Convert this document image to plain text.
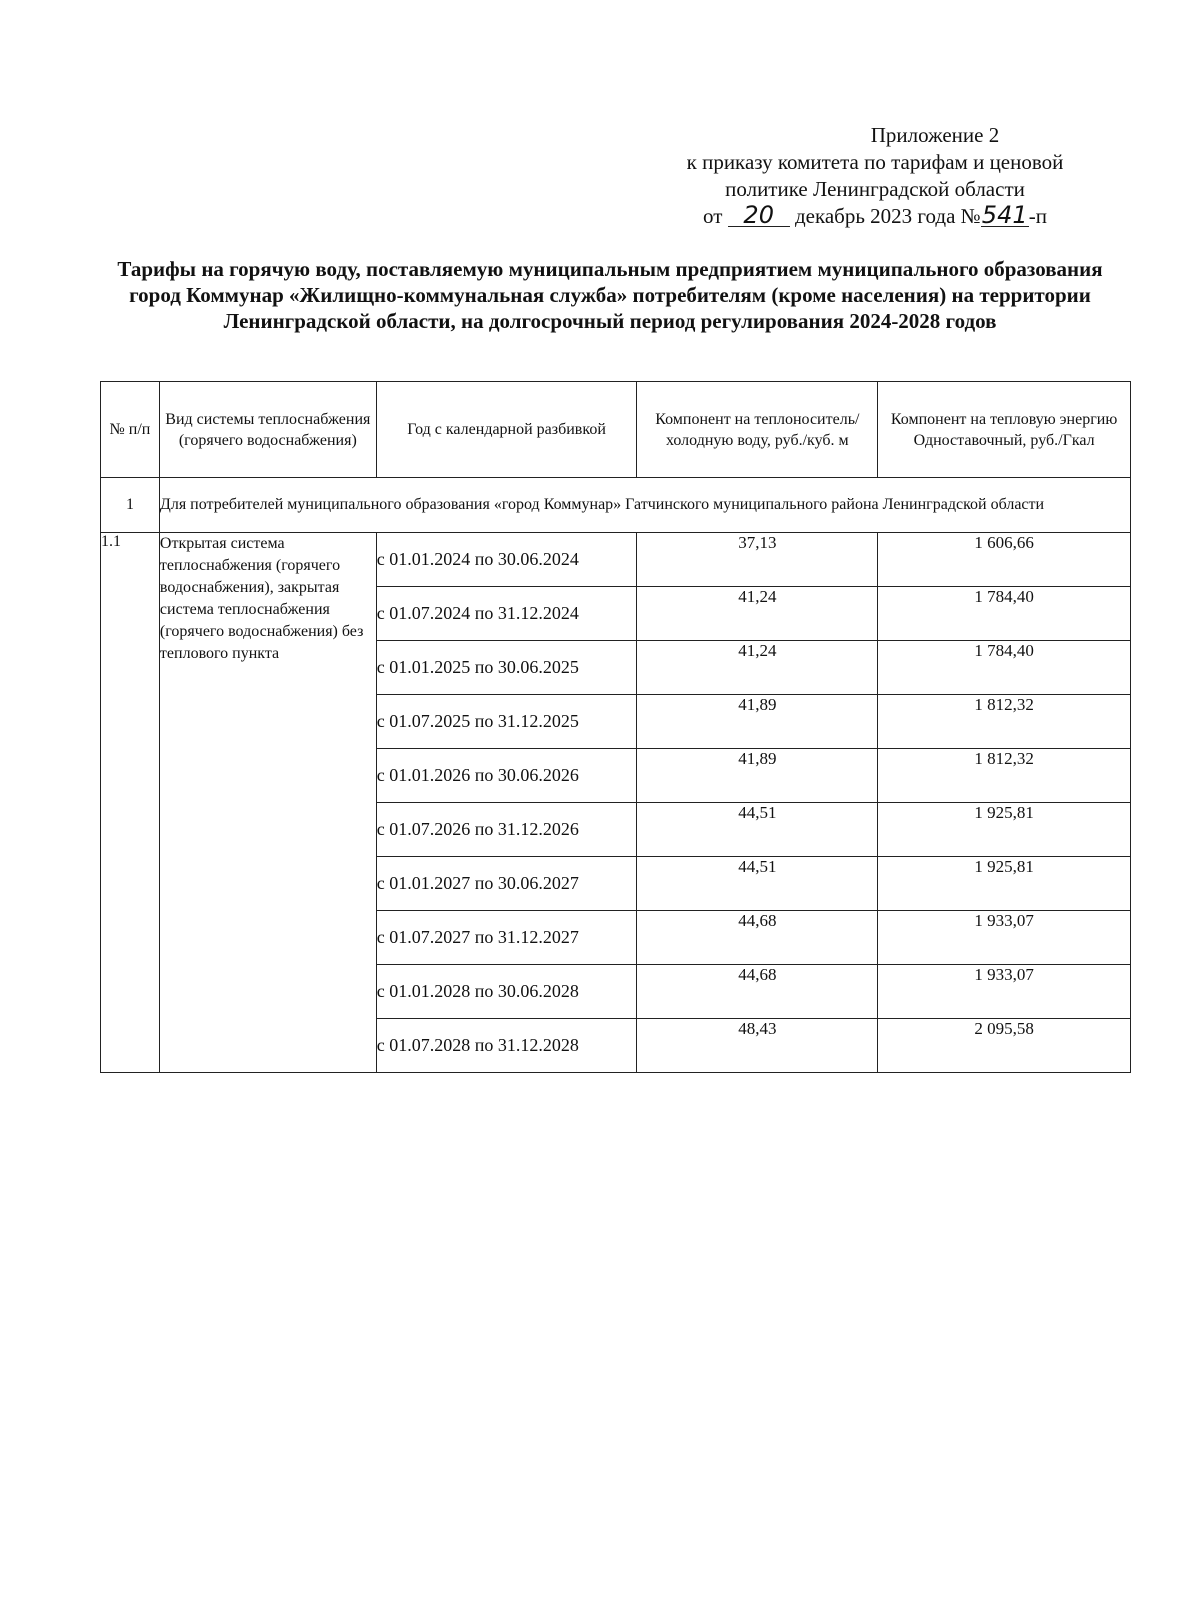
Приложение 2
к приказу комитета по тарифам и ценовой
политике Ленинградской области
от 20 декабрь 2023 года №541-п
Тарифы на горячую воду, поставляемую муниципальным предприятием муниципального образования город Коммунар «Жилищно-коммунальная служба» потребителям (кроме населения) на территории Ленинградской области, на долгосрочный период регулирования 2024-2028 годов
№ п/п	Вид системы теплоснабжения (горячего водоснабжения)	Год с календарной разбивкой	Компонент на теплоноситель/холодную воду, руб./куб. м	Компонент на тепловую энергию Одноставочный, руб./Гкал
1	Для потребителей муниципального образования «город Коммунар» Гатчинского муниципального района Ленинградской области			
1.1	Открытая система теплоснабжения (горячего водоснабжения), закрытая система теплоснабжения (горячего водоснабжения) без теплового пункта	с 01.01.2024 по 30.06.2024	37,13	1 606,66
		с 01.07.2024 по 31.12.2024	41,24	1 784,40
		с 01.01.2025 по 30.06.2025	41,24	1 784,40
		с 01.07.2025 по 31.12.2025	41,89	1 812,32
		с 01.01.2026 по 30.06.2026	41,89	1 812,32
		с 01.07.2026 по 31.12.2026	44,51	1 925,81
		с 01.01.2027 по 30.06.2027	44,51	1 925,81
		с 01.07.2027 по 31.12.2027	44,68	1 933,07
		с 01.01.2028 по 30.06.2028	44,68	1 933,07
		с 01.07.2028 по 31.12.2028	48,43	2 095,58
